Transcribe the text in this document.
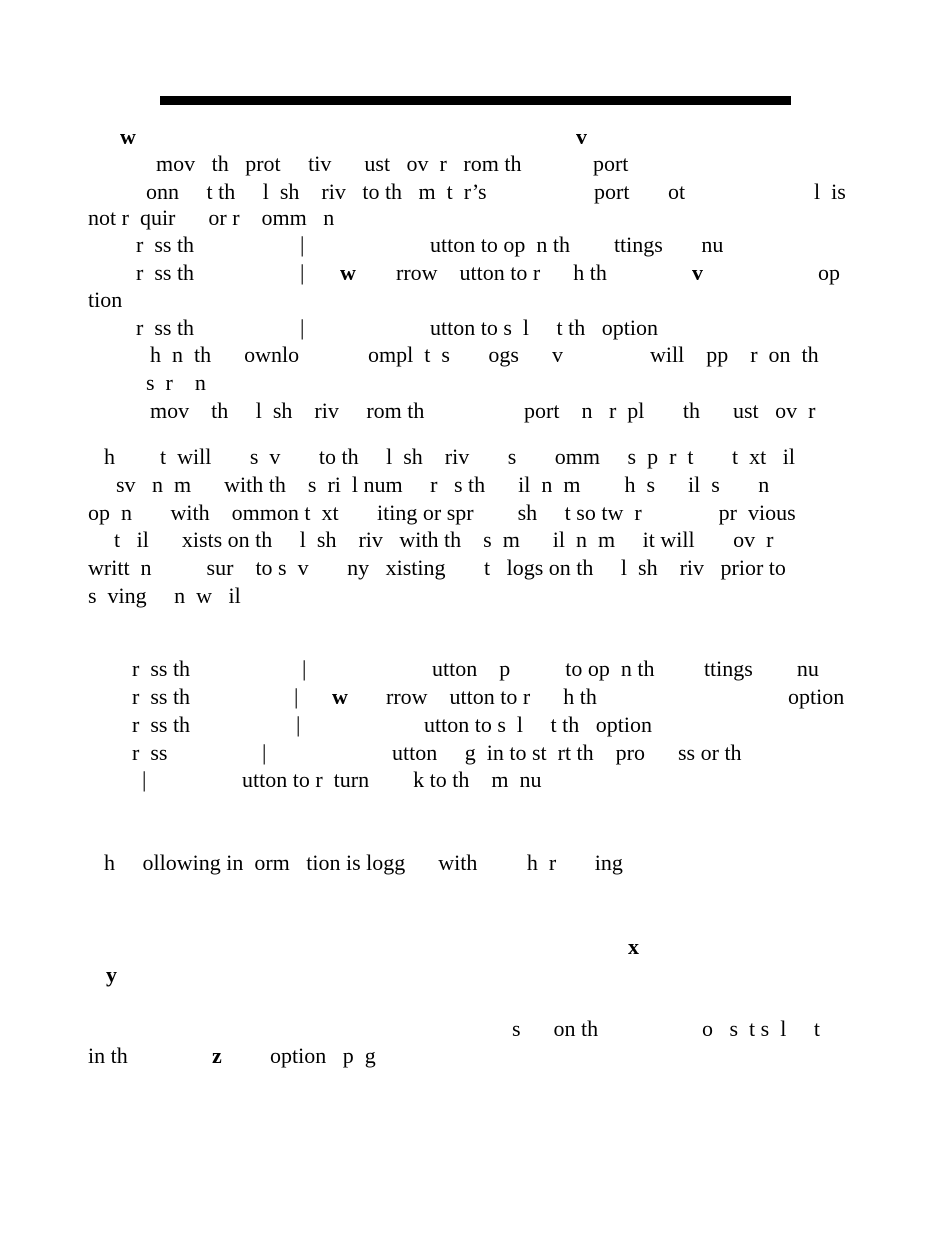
w	v
mov   th   prot     tiv      ust   ov  r   rom th             port
onn     t th     l  sh    riv   to th   m  t  r’s	port ot	l  is
not r  quir      or r    omm   n
r  ss th	|	utton to op  n th        ttings       nu
r  ss th	| w rrow    utton to r      h th	v	op
tion
r  ss th	|	utton to s  l     t th   option
h  n  th      ownlo	ompl  t  s       ogs      v	will    pp    r  on  th
s  r    n
mov    th     l  sh    riv     rom th	port    n   r  pl       th      ust   ov  r
h t  will       s  v       to th     l  sh    riv       s       omm     s  p  r  t       t  xt   il
sv   n  m      with th    s  ri  l num     r   s th      il  n  m        h  s      il  s       n
op  n       with    ommon t  xt       iting or spr        sh     t so tw  r              pr  vious
t   il      xists on th     l  sh    riv   with th    s  m      il  n  m     it will       ov  r
writt  n          sur    to s  v       ny   xisting       t   logs on th     l  sh    riv   prior to
s  ving     n  w   il
r  ss th	|	utton    p          to op  n th         ttings        nu
r  ss th	| w rrow    utton to r      h th	option
r  ss th	|	utton to s  l     t th   option
r  ss	|	utton     g  in to st  rt th    pro      ss or th
|	utton to r  turn        k to th    m  nu
h     ollowing in  orm   tion is logg      with         h  r       ing
x
y
s      on th	o   s  t s  l     t
in th	z option   p  g
